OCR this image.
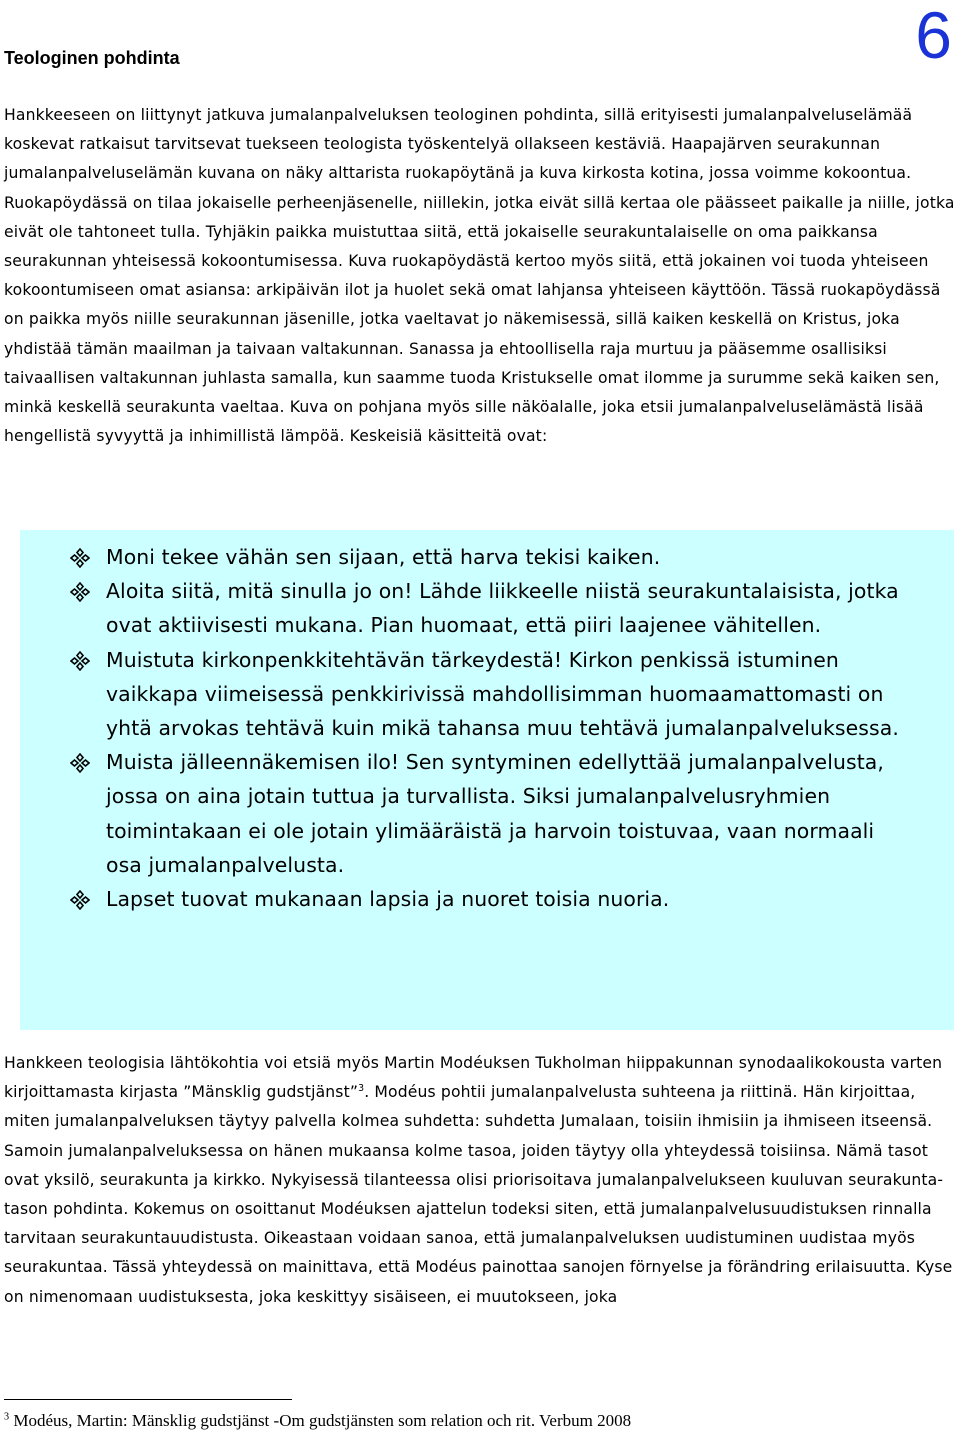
6
Teologinen pohdinta

Hankkeeseen on liittynyt jatkuva jumalanpalveluksen teologinen pohdinta, sillä erityisesti jumalanpalveluselämää koskevat ratkaisut tarvitsevat tuekseen teologista työskentelyä ollakseen kestäviä. Haapajärven seurakunnan jumalanpalveluselämän kuvana on näky alttarista ruokapöytänä ja kuva kirkosta kotina, jossa voimme kokoontua. Ruokapöydässä on tilaa jokaiselle perheenjäsenelle, niillekin, jotka eivät sillä kertaa ole päässeet paikalle ja niille, jotka eivät ole tahtoneet tulla. Tyhjäkin paikka muistuttaa siitä, että jokaiselle seurakuntalaiselle on oma paikkansa seurakunnan yhteisessä kokoontumisessa. Kuva ruokapöydästä kertoo myös siitä, että jokainen voi tuoda yhteiseen kokoontumiseen omat asiansa: arkipäivän ilot ja huolet sekä omat lahjansa yhteiseen käyttöön. Tässä ruokapöydässä on paikka myös niille seurakunnan jäsenille, jotka vaeltavat jo näkemisessä, sillä kaiken keskellä on Kristus, joka yhdistää tämän maailman ja taivaan valtakunnan. Sanassa ja ehtoollisella raja murtuu ja pääsemme osallisiksi taivaallisen valtakunnan juhlasta samalla, kun saamme tuoda Kristukselle omat ilomme ja surumme sekä kaiken sen, minkä keskellä seurakunta vaeltaa. Kuva on pohjana myös sille näköalalle, joka etsii jumalanpalveluselämästä lisää hengellistä syvyyttä ja inhimillistä lämpöä. Keskeisiä käsitteitä ovat:

Moni tekee vähän sen sijaan, että harva tekisi kaiken.
Aloita siitä, mitä sinulla jo on! Lähde liikkeelle niistä seurakuntalaisista, jotka ovat aktiivisesti mukana. Pian huomaat, että piiri laajenee vähitellen.
Muistuta kirkonpenkkitehtävän tärkeydestä! Kirkon penkissä istuminen vaikkapa viimeisessä penkkirivissä mahdollisimman huomaamattomasti on yhtä arvokas tehtävä kuin mikä tahansa muu tehtävä jumalanpalveluksessa.
Muista jälleennäkemisen ilo! Sen syntyminen edellyttää jumalanpalvelusta, jossa on aina jotain tuttua ja turvallista. Siksi jumalanpalvelusryhmien toimintakaan ei ole jotain ylimääräistä ja harvoin toistuvaa, vaan normaali osa jumalanpalvelusta.
Lapset tuovat mukanaan lapsia ja nuoret toisia nuoria.

Hankkeen teologisia lähtökohtia voi etsiä myös Martin Modéuksen Tukholman hiippakunnan synodaalikokousta varten kirjoittamasta kirjasta ”Mänsklig gudstjänst”$^3$. Modéus pohtii jumalanpalvelusta suhteena ja riittinä. Hän kirjoittaa, miten jumalanpalveluksen täytyy palvella kolmea suhdetta: suhdetta Jumalaan, toisiin ihmisiin ja ihmiseen itseensä. Samoin jumalanpalveluksessa on hänen mukaansa kolme tasoa, joiden täytyy olla yhteydessä toisiinsa. Nämä tasot ovat yksilö, seurakunta ja kirkko. Nykyisessä tilanteessa olisi priorisoitava jumalanpalvelukseen kuuluvan seurakunta-tason pohdinta. Kokemus on osoittanut Modéuksen ajattelun todeksi siten, että jumalanpalvelusuudistuksen rinnalla tarvitaan seurakuntauudistusta. Oikeastaan voidaan sanoa, että jumalanpalveluksen uudistuminen uudistaa myös seurakuntaa. Tässä yhteydessä on mainittava, että Modéus painottaa sanojen förnyelse ja förändring erilaisuutta. Kyse on nimenomaan uudistuksesta, joka keskittyy sisäiseen, ei muutokseen, joka

$^3$ Modéus, Martin: Mänsklig gudstjänst -Om gudstjänsten som relation och rit. Verbum 2008
